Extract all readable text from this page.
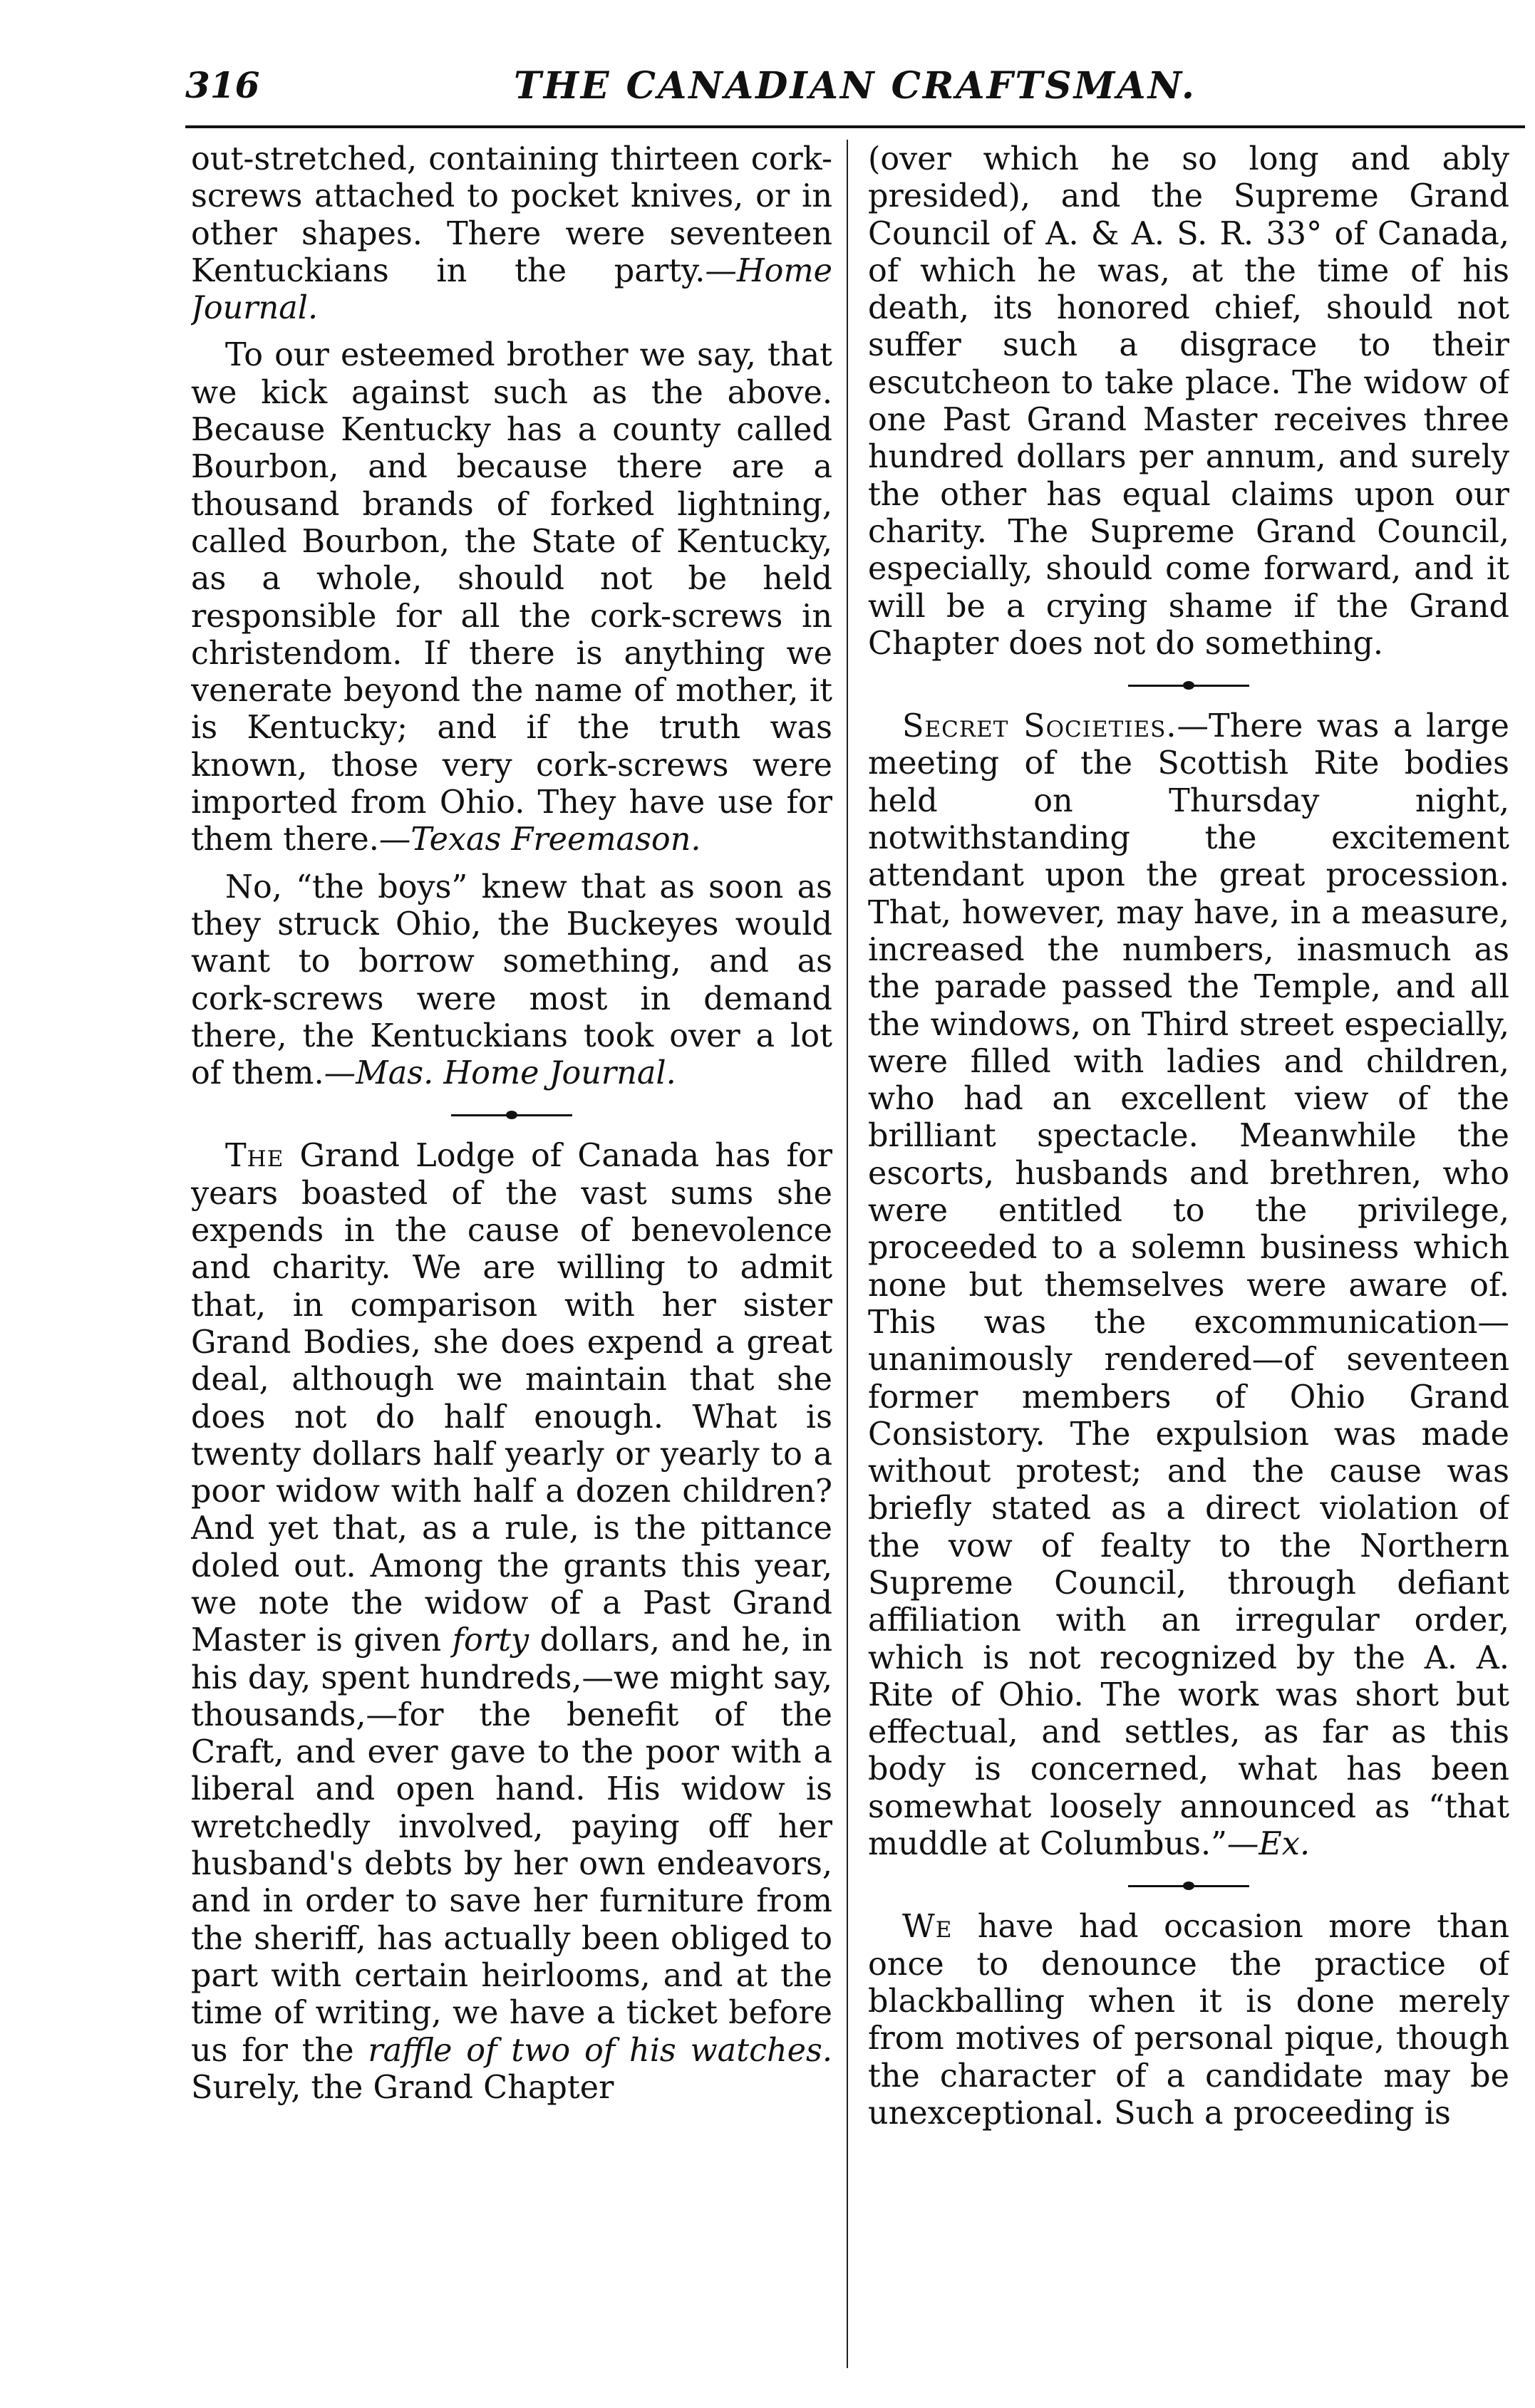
316	THE CANADIAN CRAFTSMAN.

out-stretched, containing thirteen cork-screws attached to pocket knives, or in other shapes. There were seventeen Kentuckians in the party.—Home Journal.

To our esteemed brother we say, that we kick against such as the above. Because Kentucky has a county called Bourbon, and because there are a thousand brands of forked lightning, called Bourbon, the State of Kentucky, as a whole, should not be held responsible for all the cork-screws in christendom. If there is anything we venerate beyond the name of mother, it is Kentucky; and if the truth was known, those very cork-screws were imported from Ohio. They have use for them there.—Texas Freemason.

No, “the boys” knew that as soon as they struck Ohio, the Buckeyes would want to borrow something, and as cork-screws were most in demand there, the Kentuckians took over a lot of them.—Mas. Home Journal.

The Grand Lodge of Canada has for years boasted of the vast sums she expends in the cause of benevolence and charity. We are willing to admit that, in comparison with her sister Grand Bodies, she does expend a great deal, although we maintain that she does not do half enough. What is twenty dollars half yearly or yearly to a poor widow with half a dozen children? And yet that, as a rule, is the pittance doled out. Among the grants this year, we note the widow of a Past Grand Master is given forty dollars, and he, in his day, spent hundreds,—we might say, thousands,—for the benefit of the Craft, and ever gave to the poor with a liberal and open hand. His widow is wretchedly involved, paying off her husband's debts by her own endeavors, and in order to save her furniture from the sheriff, has actually been obliged to part with certain heirlooms, and at the time of writing, we have a ticket before us for the raffle of two of his watches. Surely, the Grand Chapter

(over which he so long and ably presided), and the Supreme Grand Council of A. & A. S. R. 33° of Canada, of which he was, at the time of his death, its honored chief, should not suffer such a disgrace to their escutcheon to take place. The widow of one Past Grand Master receives three hundred dollars per annum, and surely the other has equal claims upon our charity. The Supreme Grand Council, especially, should come forward, and it will be a crying shame if the Grand Chapter does not do something.

Secret Societies.—There was a large meeting of the Scottish Rite bodies held on Thursday night, notwithstanding the excitement attendant upon the great procession. That, however, may have, in a measure, increased the numbers, inasmuch as the parade passed the Temple, and all the windows, on Third street especially, were filled with ladies and children, who had an excellent view of the brilliant spectacle. Meanwhile the escorts, husbands and brethren, who were entitled to the privilege, proceeded to a solemn business which none but themselves were aware of. This was the excommunication—unanimously rendered—of seventeen former members of Ohio Grand Consistory. The expulsion was made without protest; and the cause was briefly stated as a direct violation of the vow of fealty to the Northern Supreme Council, through defiant affiliation with an irregular order, which is not recognized by the A. A. Rite of Ohio. The work was short but effectual, and settles, as far as this body is concerned, what has been somewhat loosely announced as “that muddle at Columbus.”—Ex.

We have had occasion more than once to denounce the practice of blackballing when it is done merely from motives of personal pique, though the character of a candidate may be unexceptional. Such a proceeding is
